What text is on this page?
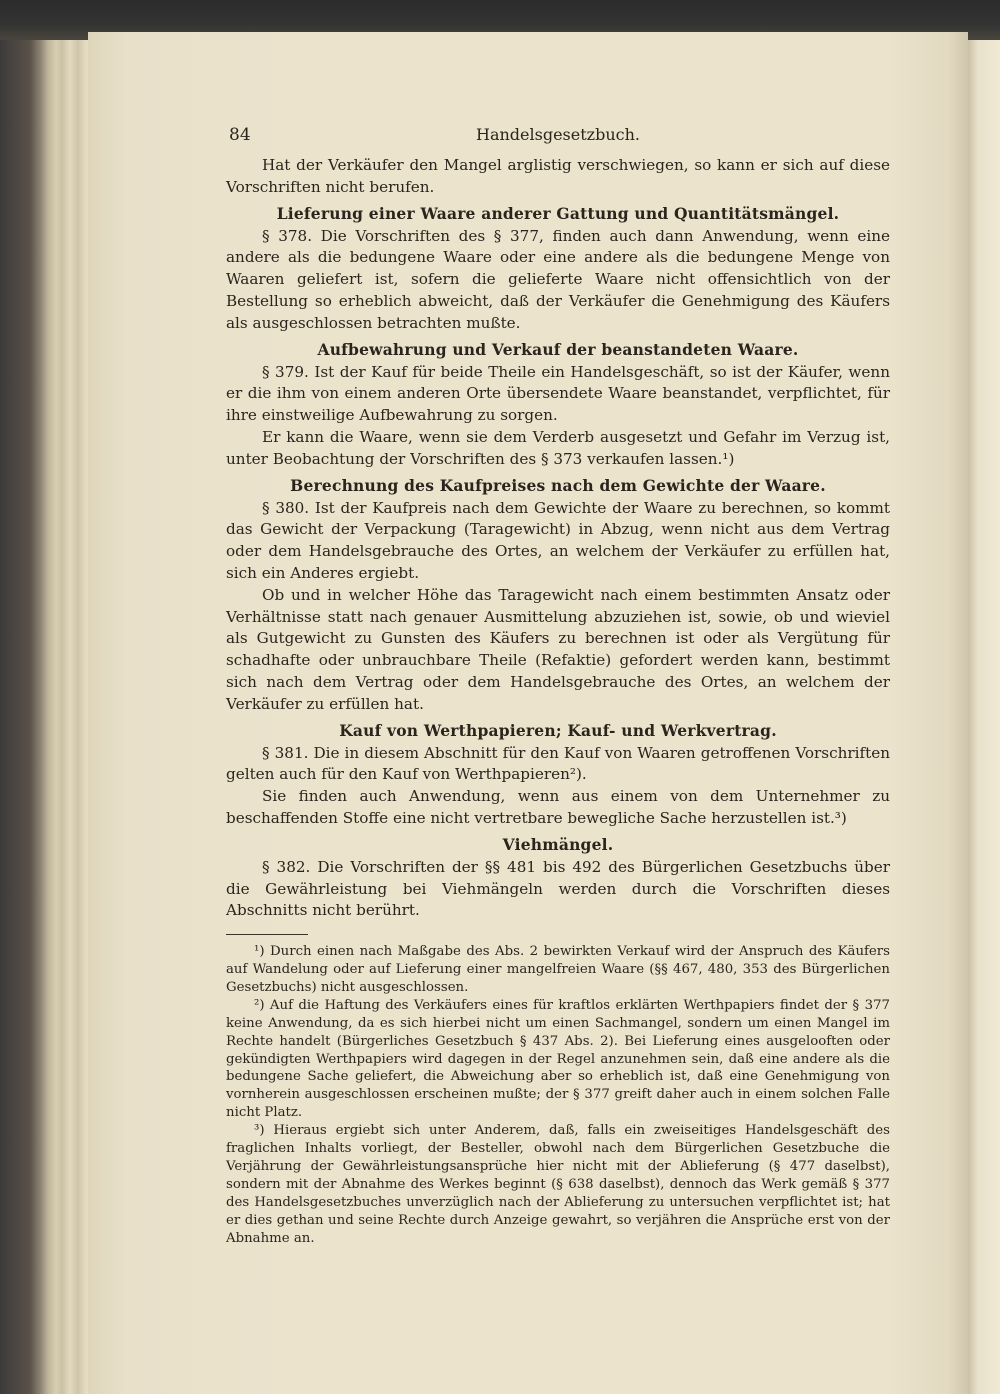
84	Handelsgesetzbuch.

Hat der Verkäufer den Mangel arglistig verschwiegen, so kann er sich auf diese Vorschriften nicht berufen.

Lieferung einer Waare anderer Gattung und Quantitätsmängel.

§ 378. Die Vorschriften des § 377, finden auch dann Anwendung, wenn eine andere als die bedungene Waare oder eine andere als die bedungene Menge von Waaren geliefert ist, sofern die gelieferte Waare nicht offensichtlich von der Bestellung so erheblich abweicht, daß der Verkäufer die Genehmigung des Käufers als ausgeschlossen betrachten mußte.

Aufbewahrung und Verkauf der beanstandeten Waare.

§ 379. Ist der Kauf für beide Theile ein Handelsgeschäft, so ist der Käufer, wenn er die ihm von einem anderen Orte übersendete Waare beanstandet, verpflichtet, für ihre einstweilige Aufbewahrung zu sorgen.

Er kann die Waare, wenn sie dem Verderb ausgesetzt und Gefahr im Verzug ist, unter Beobachtung der Vorschriften des § 373 verkaufen lassen.¹)

Berechnung des Kaufpreises nach dem Gewichte der Waare.

§ 380. Ist der Kaufpreis nach dem Gewichte der Waare zu berechnen, so kommt das Gewicht der Verpackung (Taragewicht) in Abzug, wenn nicht aus dem Vertrag oder dem Handelsgebrauche des Ortes, an welchem der Verkäufer zu erfüllen hat, sich ein Anderes ergiebt.

Ob und in welcher Höhe das Taragewicht nach einem bestimmten Ansatz oder Verhältnisse statt nach genauer Ausmittelung abzuziehen ist, sowie, ob und wieviel als Gutgewicht zu Gunsten des Käufers zu berechnen ist oder als Vergütung für schadhafte oder unbrauchbare Theile (Refaktie) gefordert werden kann, bestimmt sich nach dem Vertrag oder dem Handelsgebrauche des Ortes, an welchem der Verkäufer zu erfüllen hat.

Kauf von Werthpapieren; Kauf- und Werkvertrag.

§ 381. Die in diesem Abschnitt für den Kauf von Waaren getroffenen Vorschriften gelten auch für den Kauf von Werthpapieren²).

Sie finden auch Anwendung, wenn aus einem von dem Unternehmer zu beschaffenden Stoffe eine nicht vertretbare bewegliche Sache herzustellen ist.³)

Viehmängel.

§ 382. Die Vorschriften der §§ 481 bis 492 des Bürgerlichen Gesetzbuchs über die Gewährleistung bei Viehmängeln werden durch die Vorschriften dieses Abschnitts nicht berührt.

¹) Durch einen nach Maßgabe des Abs. 2 bewirkten Verkauf wird der Anspruch des Käufers auf Wandelung oder auf Lieferung einer mangelfreien Waare (§§ 467, 480, 353 des Bürgerlichen Gesetzbuchs) nicht ausgeschlossen.

²) Auf die Haftung des Verkäufers eines für kraftlos erklärten Werthpapiers findet der § 377 keine Anwendung, da es sich hierbei nicht um einen Sachmangel, sondern um einen Mangel im Rechte handelt (Bürgerliches Gesetzbuch § 437 Abs. 2). Bei Lieferung eines ausgelooften oder gekündigten Werthpapiers wird dagegen in der Regel anzunehmen sein, daß eine andere als die bedungene Sache geliefert, die Abweichung aber so erheblich ist, daß eine Genehmigung von vornherein ausgeschlossen erscheinen mußte; der § 377 greift daher auch in einem solchen Falle nicht Platz.

³) Hieraus ergiebt sich unter Anderem, daß, falls ein zweiseitiges Handelsgeschäft des fraglichen Inhalts vorliegt, der Besteller, obwohl nach dem Bürgerlichen Gesetzbuche die Verjährung der Gewährleistungsansprüche hier nicht mit der Ablieferung (§ 477 daselbst), sondern mit der Abnahme des Werkes beginnt (§ 638 daselbst), dennoch das Werk gemäß § 377 des Handelsgesetzbuches unverzüglich nach der Ablieferung zu untersuchen verpflichtet ist; hat er dies gethan und seine Rechte durch Anzeige gewahrt, so verjähren die Ansprüche erst von der Abnahme an.
